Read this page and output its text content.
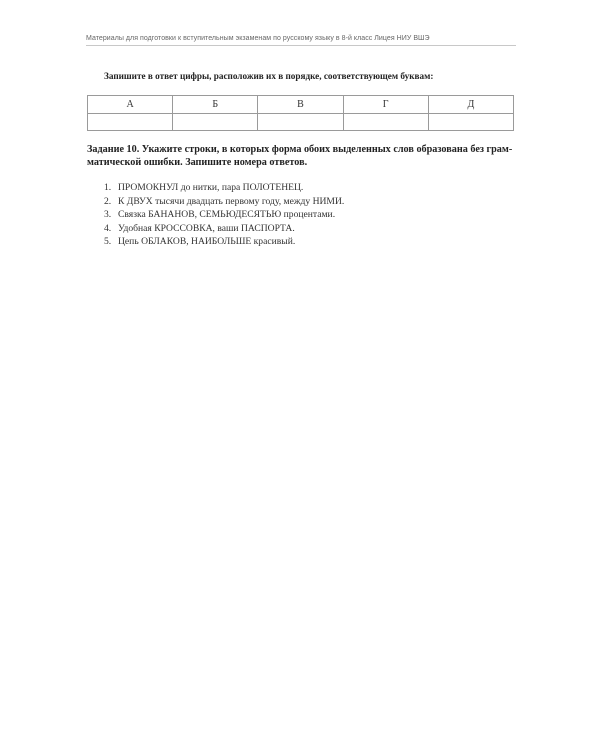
Материалы для подготовки к вступительным экзаменам по русскому языку в 8-й класс Лицея НИУ ВШЭ
Запишите в ответ цифры, расположив их в порядке, соответствующем буквам:
А	Б	В	Г	Д

Задание 10. Укажите строки, в которых форма обоих выделенных слов образована без грам-
матической ошибки. Запишите номера ответов.
1. ПРОМОКНУЛ до нитки, пара ПОЛОТЕНЕЦ.
2. К ДВУХ тысячи двадцать первому году, между НИМИ.
3. Связка БАНАНОВ, СЕМЬЮДЕСЯТЬЮ процентами.
4. Удобная КРОССОВКА, ваши ПАСПОРТА.
5. Цепь ОБЛАКОВ, НАИБОЛЬШЕ красивый.
